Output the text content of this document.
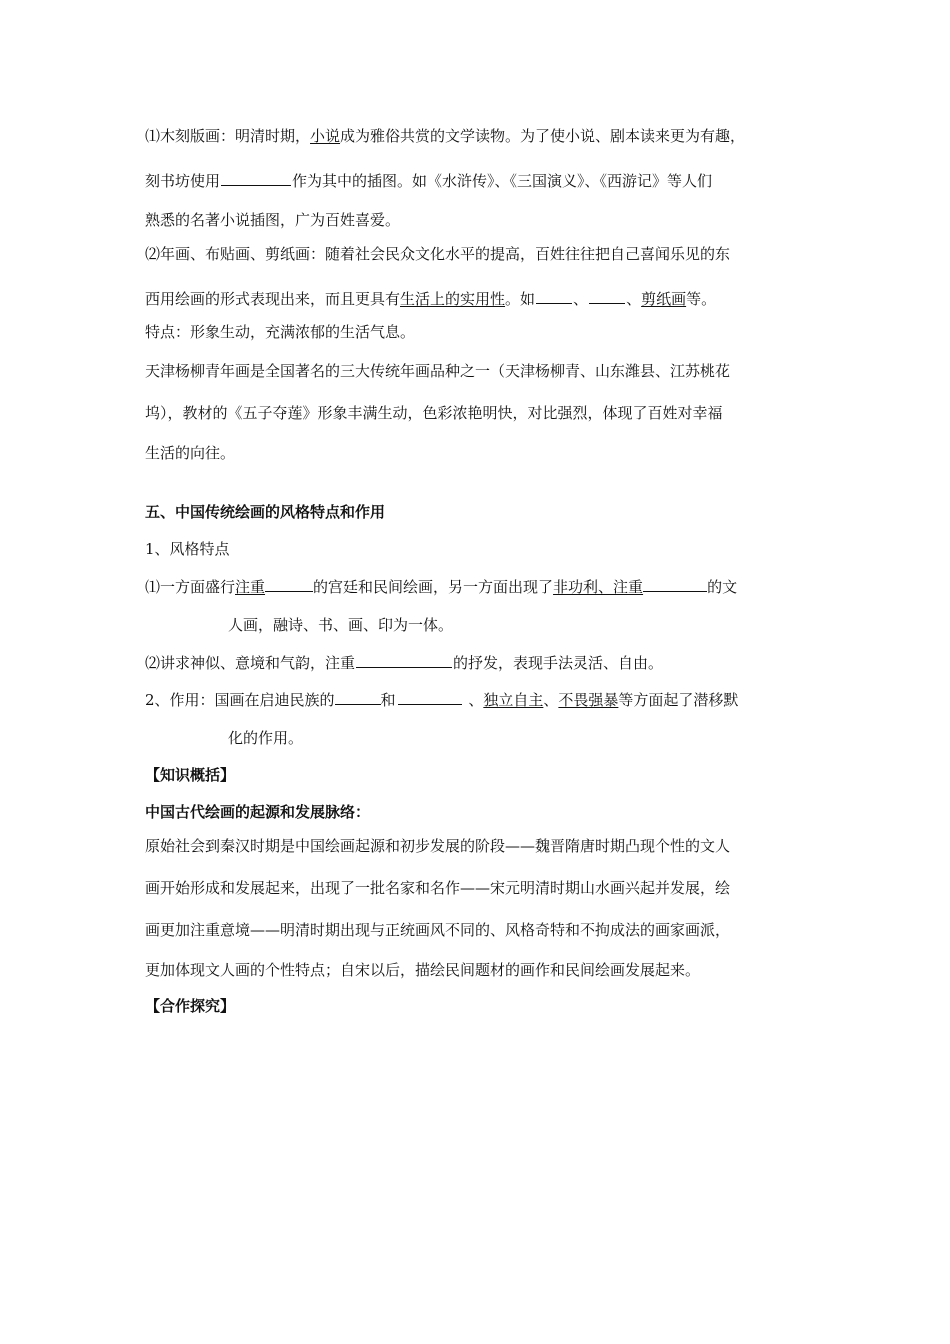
⑴木刻版画：明清时期，小说成为雅俗共赏的文学读物。为了使小说、剧本读来更为有趣，
刻书坊使用	作为其中的插图。如《水浒传》、《三国演义》、《西游记》等人们
熟悉的名著小说插图，广为百姓喜爱。
⑵年画、布贴画、剪纸画：随着社会民众文化水平的提高，百姓往往把自己喜闻乐见的东
西用绘画的形式表现出来，而且更具有生活上的实用性。如	、	、剪纸画等。
特点：形象生动，充满浓郁的生活气息。
天津杨柳青年画是全国著名的三大传统年画品种之一（天津杨柳青、山东潍县、江苏桃花
坞），教材的《五子夺莲》形象丰满生动，色彩浓艳明快，对比强烈，体现了百姓对幸福
生活的向往。
五、中国传统绘画的风格特点和作用
1、风格特点
⑴一方面盛行注重	的宫廷和民间绘画，另一方面出现了非功利、注重	的文
人画，融诗、书、画、印为一体。
⑵讲求神似、意境和气韵，注重	的抒发，表现手法灵活、自由。
2、作用：国画在启迪民族的	和	、独立自主、不畏强暴等方面起了潜移默
化的作用。
【知识概括】
中国古代绘画的起源和发展脉络：
原始社会到秦汉时期是中国绘画起源和初步发展的阶段——魏晋隋唐时期凸现个性的文人
画开始形成和发展起来，出现了一批名家和名作——宋元明清时期山水画兴起并发展，绘
画更加注重意境——明清时期出现与正统画风不同的、风格奇特和不拘成法的画家画派，
更加体现文人画的个性特点；自宋以后，描绘民间题材的画作和民间绘画发展起来。
【合作探究】
